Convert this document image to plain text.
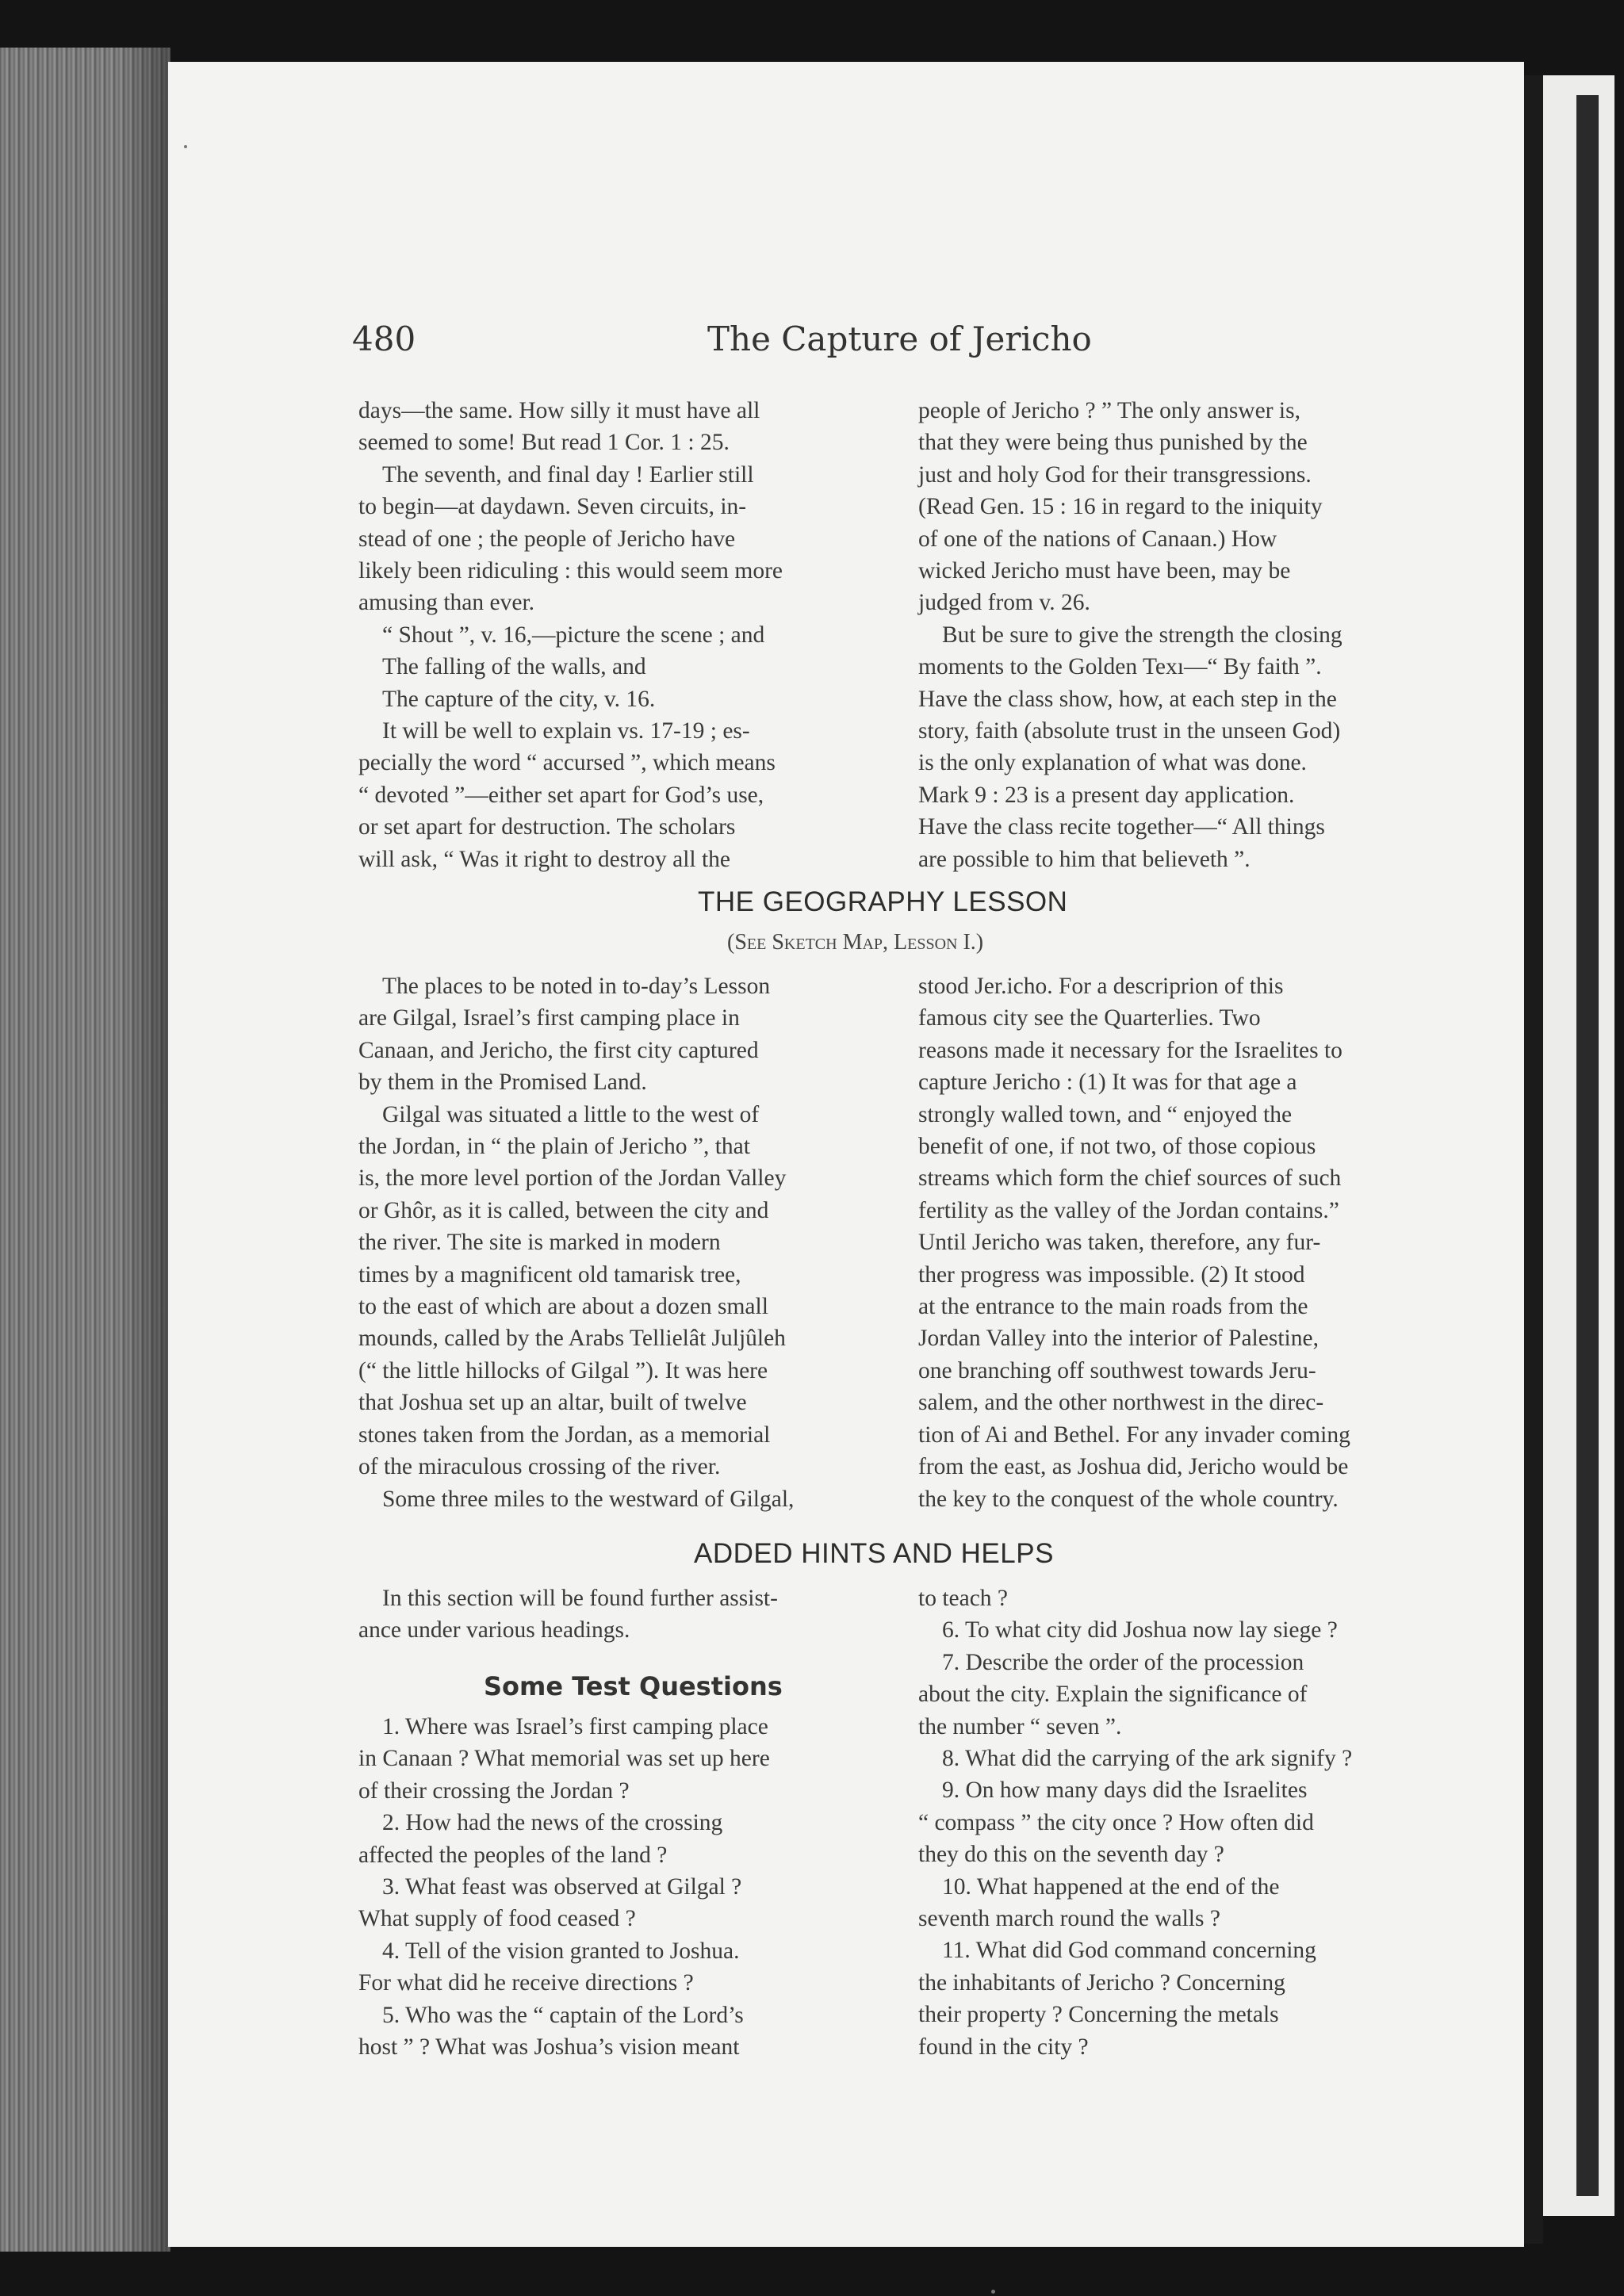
480	The Capture of Jericho
days—the same. How silly it must have all
seemed to some! But read 1 Cor. 1 : 25.
The seventh, and final day ! Earlier still
to begin—at daydawn. Seven circuits, in-
stead of one ; the people of Jericho have
likely been ridiculing : this would seem more
amusing than ever.
“ Shout ”, v. 16,—picture the scene ; and
The falling of the walls, and
The capture of the city, v. 16.
It will be well to explain vs. 17-19 ; es-
pecially the word “ accursed ”, which means
“ devoted ”—either set apart for God’s use,
or set apart for destruction. The scholars
will ask, “ Was it right to destroy all the
people of Jericho ? ” The only answer is,
that they were being thus punished by the
just and holy God for their transgressions.
(Read Gen. 15 : 16 in regard to the iniquity
of one of the nations of Canaan.) How
wicked Jericho must have been, may be
judged from v. 26.
But be sure to give the strength the closing
moments to the Golden Texı—“ By faith ”.
Have the class show, how, at each step in the
story, faith (absolute trust in the unseen God)
is the only explanation of what was done.
Mark 9 : 23 is a present day application.
Have the class recite together—“ All things
are possible to him that believeth ”.
THE GEOGRAPHY LESSON
(See Sketch Map, Lesson I.)
The places to be noted in to-day’s Lesson
are Gilgal, Israel’s first camping place in
Canaan, and Jericho, the first city captured
by them in the Promised Land.
Gilgal was situated a little to the west of
the Jordan, in “ the plain of Jericho ”, that
is, the more level portion of the Jordan Valley
or Ghôr, as it is called, between the city and
the river. The site is marked in modern
times by a magnificent old tamarisk tree,
to the east of which are about a dozen small
mounds, called by the Arabs Tellielât Juljûleh
(“ the little hillocks of Gilgal ”). It was here
that Joshua set up an altar, built of twelve
stones taken from the Jordan, as a memorial
of the miraculous crossing of the river.
Some three miles to the westward of Gilgal,
stood Jer.icho. For a descriprion of this
famous city see the Quarterlies. Two
reasons made it necessary for the Israelites to
capture Jericho : (1) It was for that age a
strongly walled town, and “ enjoyed the
benefit of one, if not two, of those copious
streams which form the chief sources of such
fertility as the valley of the Jordan contains.”
Until Jericho was taken, therefore, any fur-
ther progress was impossible. (2) It stood
at the entrance to the main roads from the
Jordan Valley into the interior of Palestine,
one branching off southwest towards Jeru-
salem, and the other northwest in the direc-
tion of Ai and Bethel. For any invader coming
from the east, as Joshua did, Jericho would be
the key to the conquest of the whole country.
ADDED HINTS AND HELPS
In this section will be found further assist-
ance under various headings.
Some Test Questions
1. Where was Israel’s first camping place
in Canaan ? What memorial was set up here
of their crossing the Jordan ?
2. How had the news of the crossing
affected the peoples of the land ?
3. What feast was observed at Gilgal ?
What supply of food ceased ?
4. Tell of the vision granted to Joshua.
For what did he receive directions ?
5. Who was the “ captain of the Lord’s
host ” ? What was Joshua’s vision meant
to teach ?
6. To what city did Joshua now lay siege ?
7. Describe the order of the procession
about the city. Explain the significance of
the number “ seven ”.
8. What did the carrying of the ark signify ?
9. On how many days did the Israelites
“ compass ” the city once ? How often did
they do this on the seventh day ?
10. What happened at the end of the
seventh march round the walls ?
11. What did God command concerning
the inhabitants of Jericho ? Concerning
their property ? Concerning the metals
found in the city ?
